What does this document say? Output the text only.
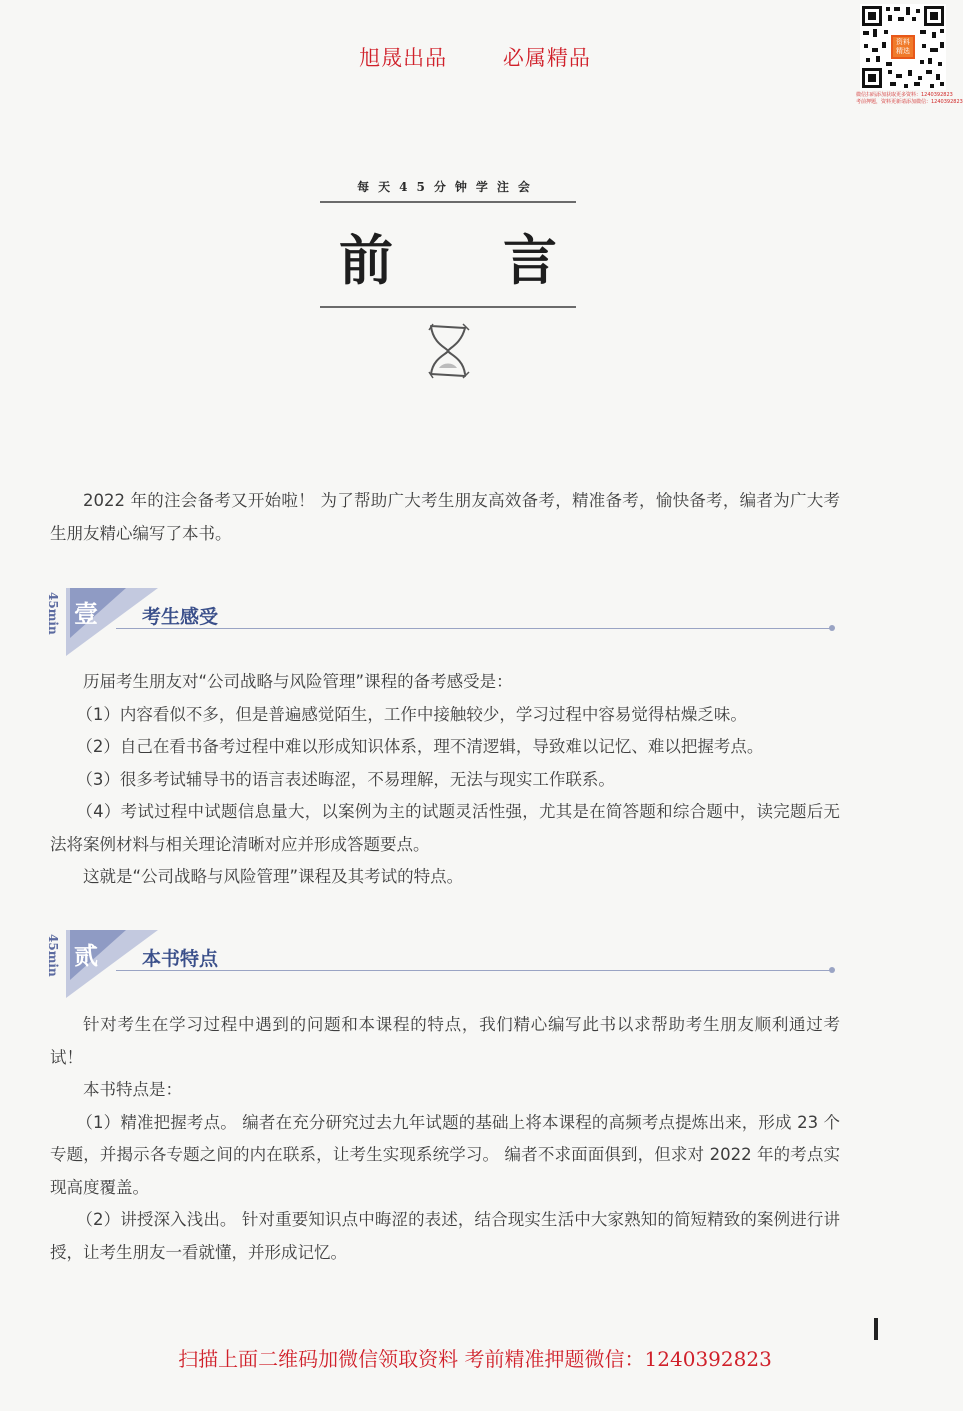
旭晟出品	必属精品
资料精选
微信扫码添加获取更多资料：1240392823
考前押题，资料更新请添加微信：1240392823
每天45分钟学注会
前 言

2022 年的注会备考又开始啦！ 为了帮助广大考生朋友高效备考，精准备考，愉快备考，编者为广大考生朋友精心编写了本书。

45min 壹 考生感受

历届考生朋友对“公司战略与风险管理”课程的备考感受是：

（1）内容看似不多，但是普遍感觉陌生，工作中接触较少，学习过程中容易觉得枯燥乏味。

（2）自己在看书备考过程中难以形成知识体系，理不清逻辑，导致难以记忆、难以把握考点。

（3）很多考试辅导书的语言表述晦涩，不易理解，无法与现实工作联系。

（4）考试过程中试题信息量大，以案例为主的试题灵活性强，尤其是在简答题和综合题中，读完题后无法将案例材料与相关理论清晰对应并形成答题要点。

这就是“公司战略与风险管理”课程及其考试的特点。

45min 贰 本书特点

针对考生在学习过程中遇到的问题和本课程的特点，我们精心编写此书以求帮助考生朋友顺利通过考试！

本书特点是：

（1）精准把握考点。 编者在充分研究过去九年试题的基础上将本课程的高频考点提炼出来，形成 23 个专题，并揭示各专题之间的内在联系，让考生实现系统学习。 编者不求面面俱到，但求对 2022 年的考点实现高度覆盖。

（2）讲授深入浅出。 针对重要知识点中晦涩的表述，结合现实生活中大家熟知的简短精致的案例进行讲授，让考生朋友一看就懂，并形成记忆。

扫描上面二维码加微信领取资料 考前精准押题微信：1240392823
